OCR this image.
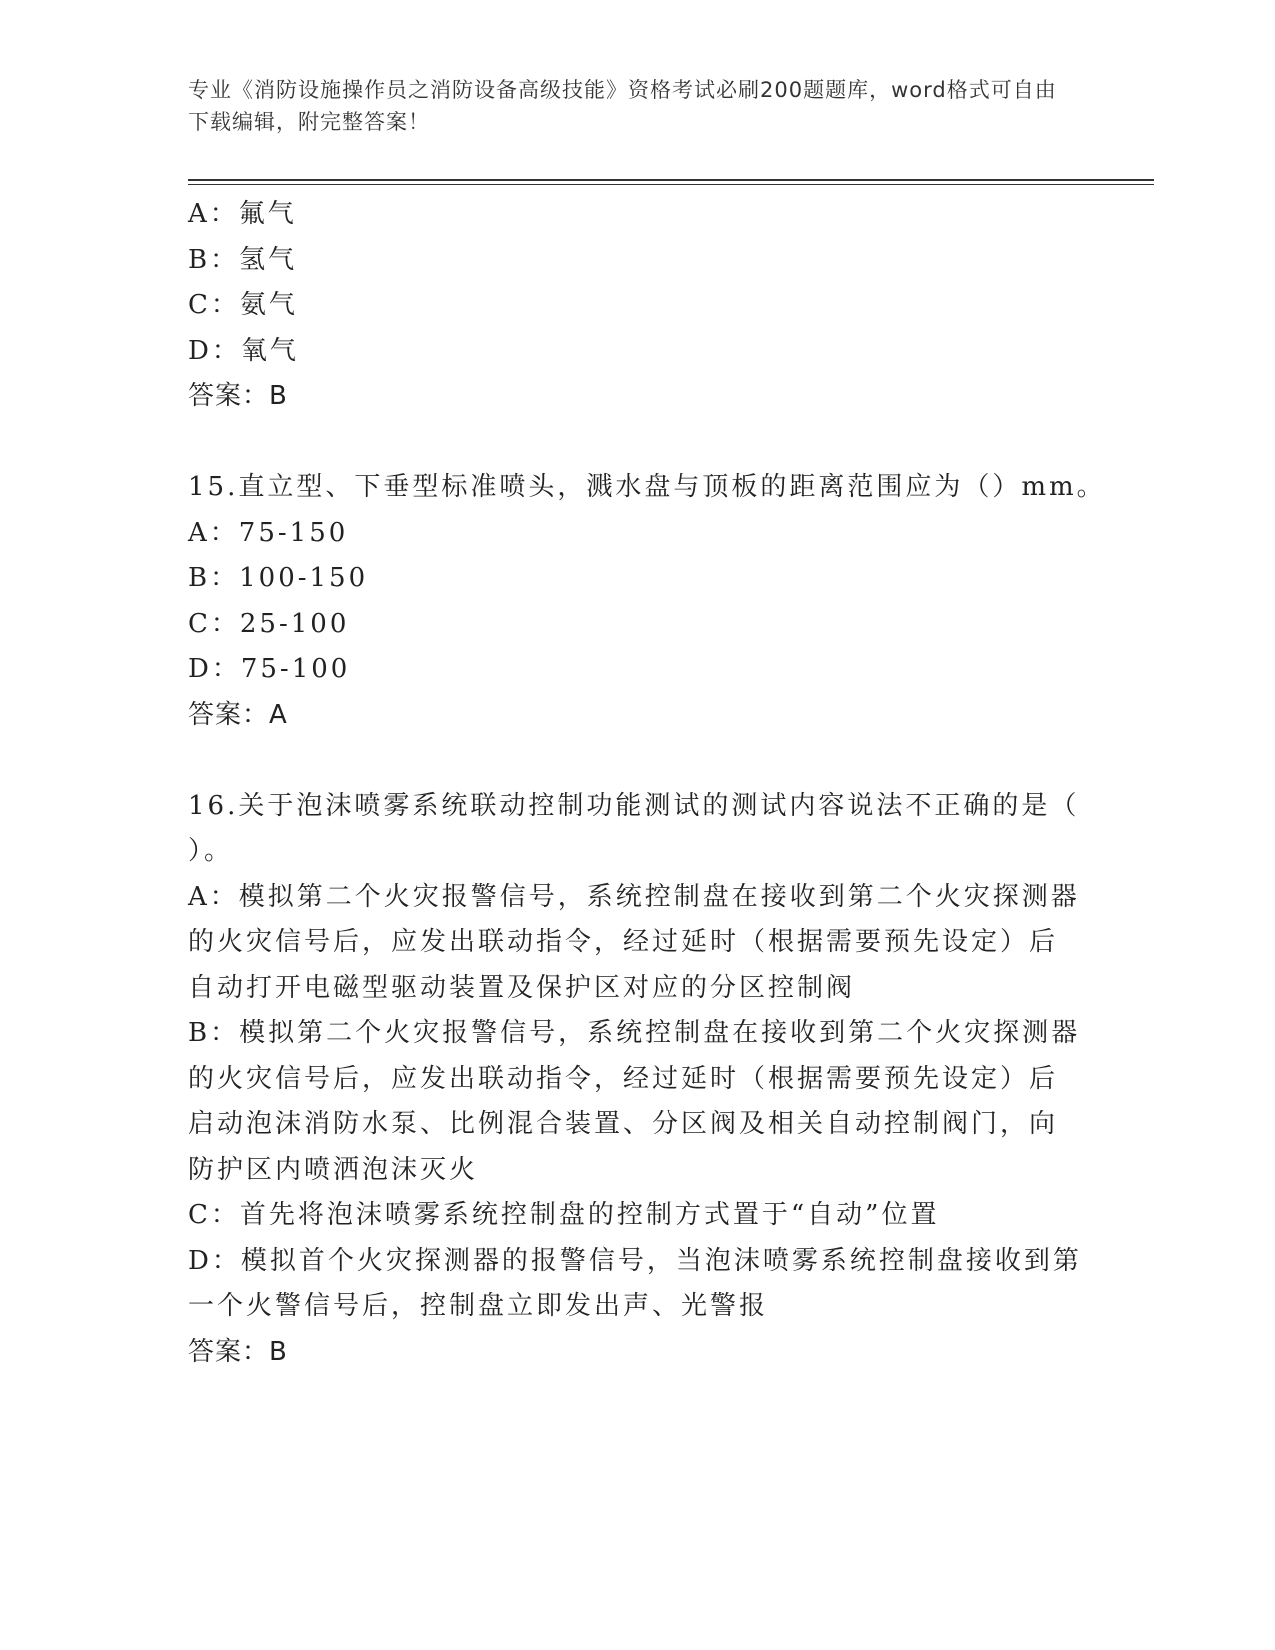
专业《消防设施操作员之消防设备高级技能》资格考试必刷200题题库，word格式可自由下载编辑，附完整答案！
A：氟气
B：氢气
C：氨气
D：氧气
答案：B
15.直立型、下垂型标准喷头，溅水盘与顶板的距离范围应为（）mm。
A：75-150
B：100-150
C：25-100
D：75-100
答案：A
16.关于泡沫喷雾系统联动控制功能测试的测试内容说法不正确的是（
）。
A：模拟第二个火灾报警信号，系统控制盘在接收到第二个火灾探测器
的火灾信号后，应发出联动指令，经过延时（根据需要预先设定）后
自动打开电磁型驱动装置及保护区对应的分区控制阀
B：模拟第二个火灾报警信号，系统控制盘在接收到第二个火灾探测器
的火灾信号后，应发出联动指令，经过延时（根据需要预先设定）后
启动泡沫消防水泵、比例混合装置、分区阀及相关自动控制阀门，向
防护区内喷洒泡沫灭火
C：首先将泡沫喷雾系统控制盘的控制方式置于“自动”位置
D：模拟首个火灾探测器的报警信号，当泡沫喷雾系统控制盘接收到第
一个火警信号后，控制盘立即发出声、光警报
答案：B
